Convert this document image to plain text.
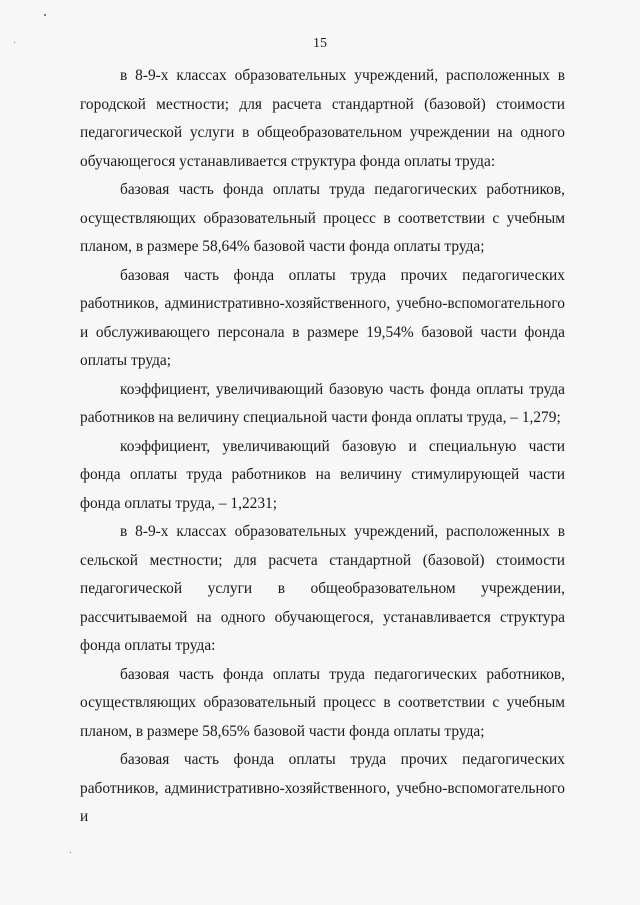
15

в 8-9-х классах образовательных учреждений, расположенных в городской местности; для расчета стандартной (базовой) стоимости педагогической услуги в общеобразовательном учреждении на одного обучающегося устанавливается структура фонда оплаты труда:

базовая часть фонда оплаты труда педагогических работников, осуществляющих образовательный процесс в соответствии с учебным планом, в размере 58,64% базовой части фонда оплаты труда;

базовая часть фонда оплаты труда прочих педагогических работников, административно-хозяйственного, учебно-вспомогательного и обслуживающего персонала в размере 19,54% базовой части фонда оплаты труда;

коэффициент, увеличивающий базовую часть фонда оплаты труда работников на величину специальной части фонда оплаты труда, – 1,279;

коэффициент, увеличивающий базовую и специальную части фонда оплаты труда работников на величину стимулирующей части фонда оплаты труда, – 1,2231;

в 8-9-х классах образовательных учреждений, расположенных в сельской местности; для расчета стандартной (базовой) стоимости педагогической услуги в общеобразовательном учреждении, рассчитываемой на одного обучающегося, устанавливается структура фонда оплаты труда:

базовая часть фонда оплаты труда педагогических работников, осуществляющих образовательный процесс в соответствии с учебным планом, в размере 58,65% базовой части фонда оплаты труда;

базовая часть фонда оплаты труда прочих педагогических работников, административно-хозяйственного, учебно-вспомогательного и
